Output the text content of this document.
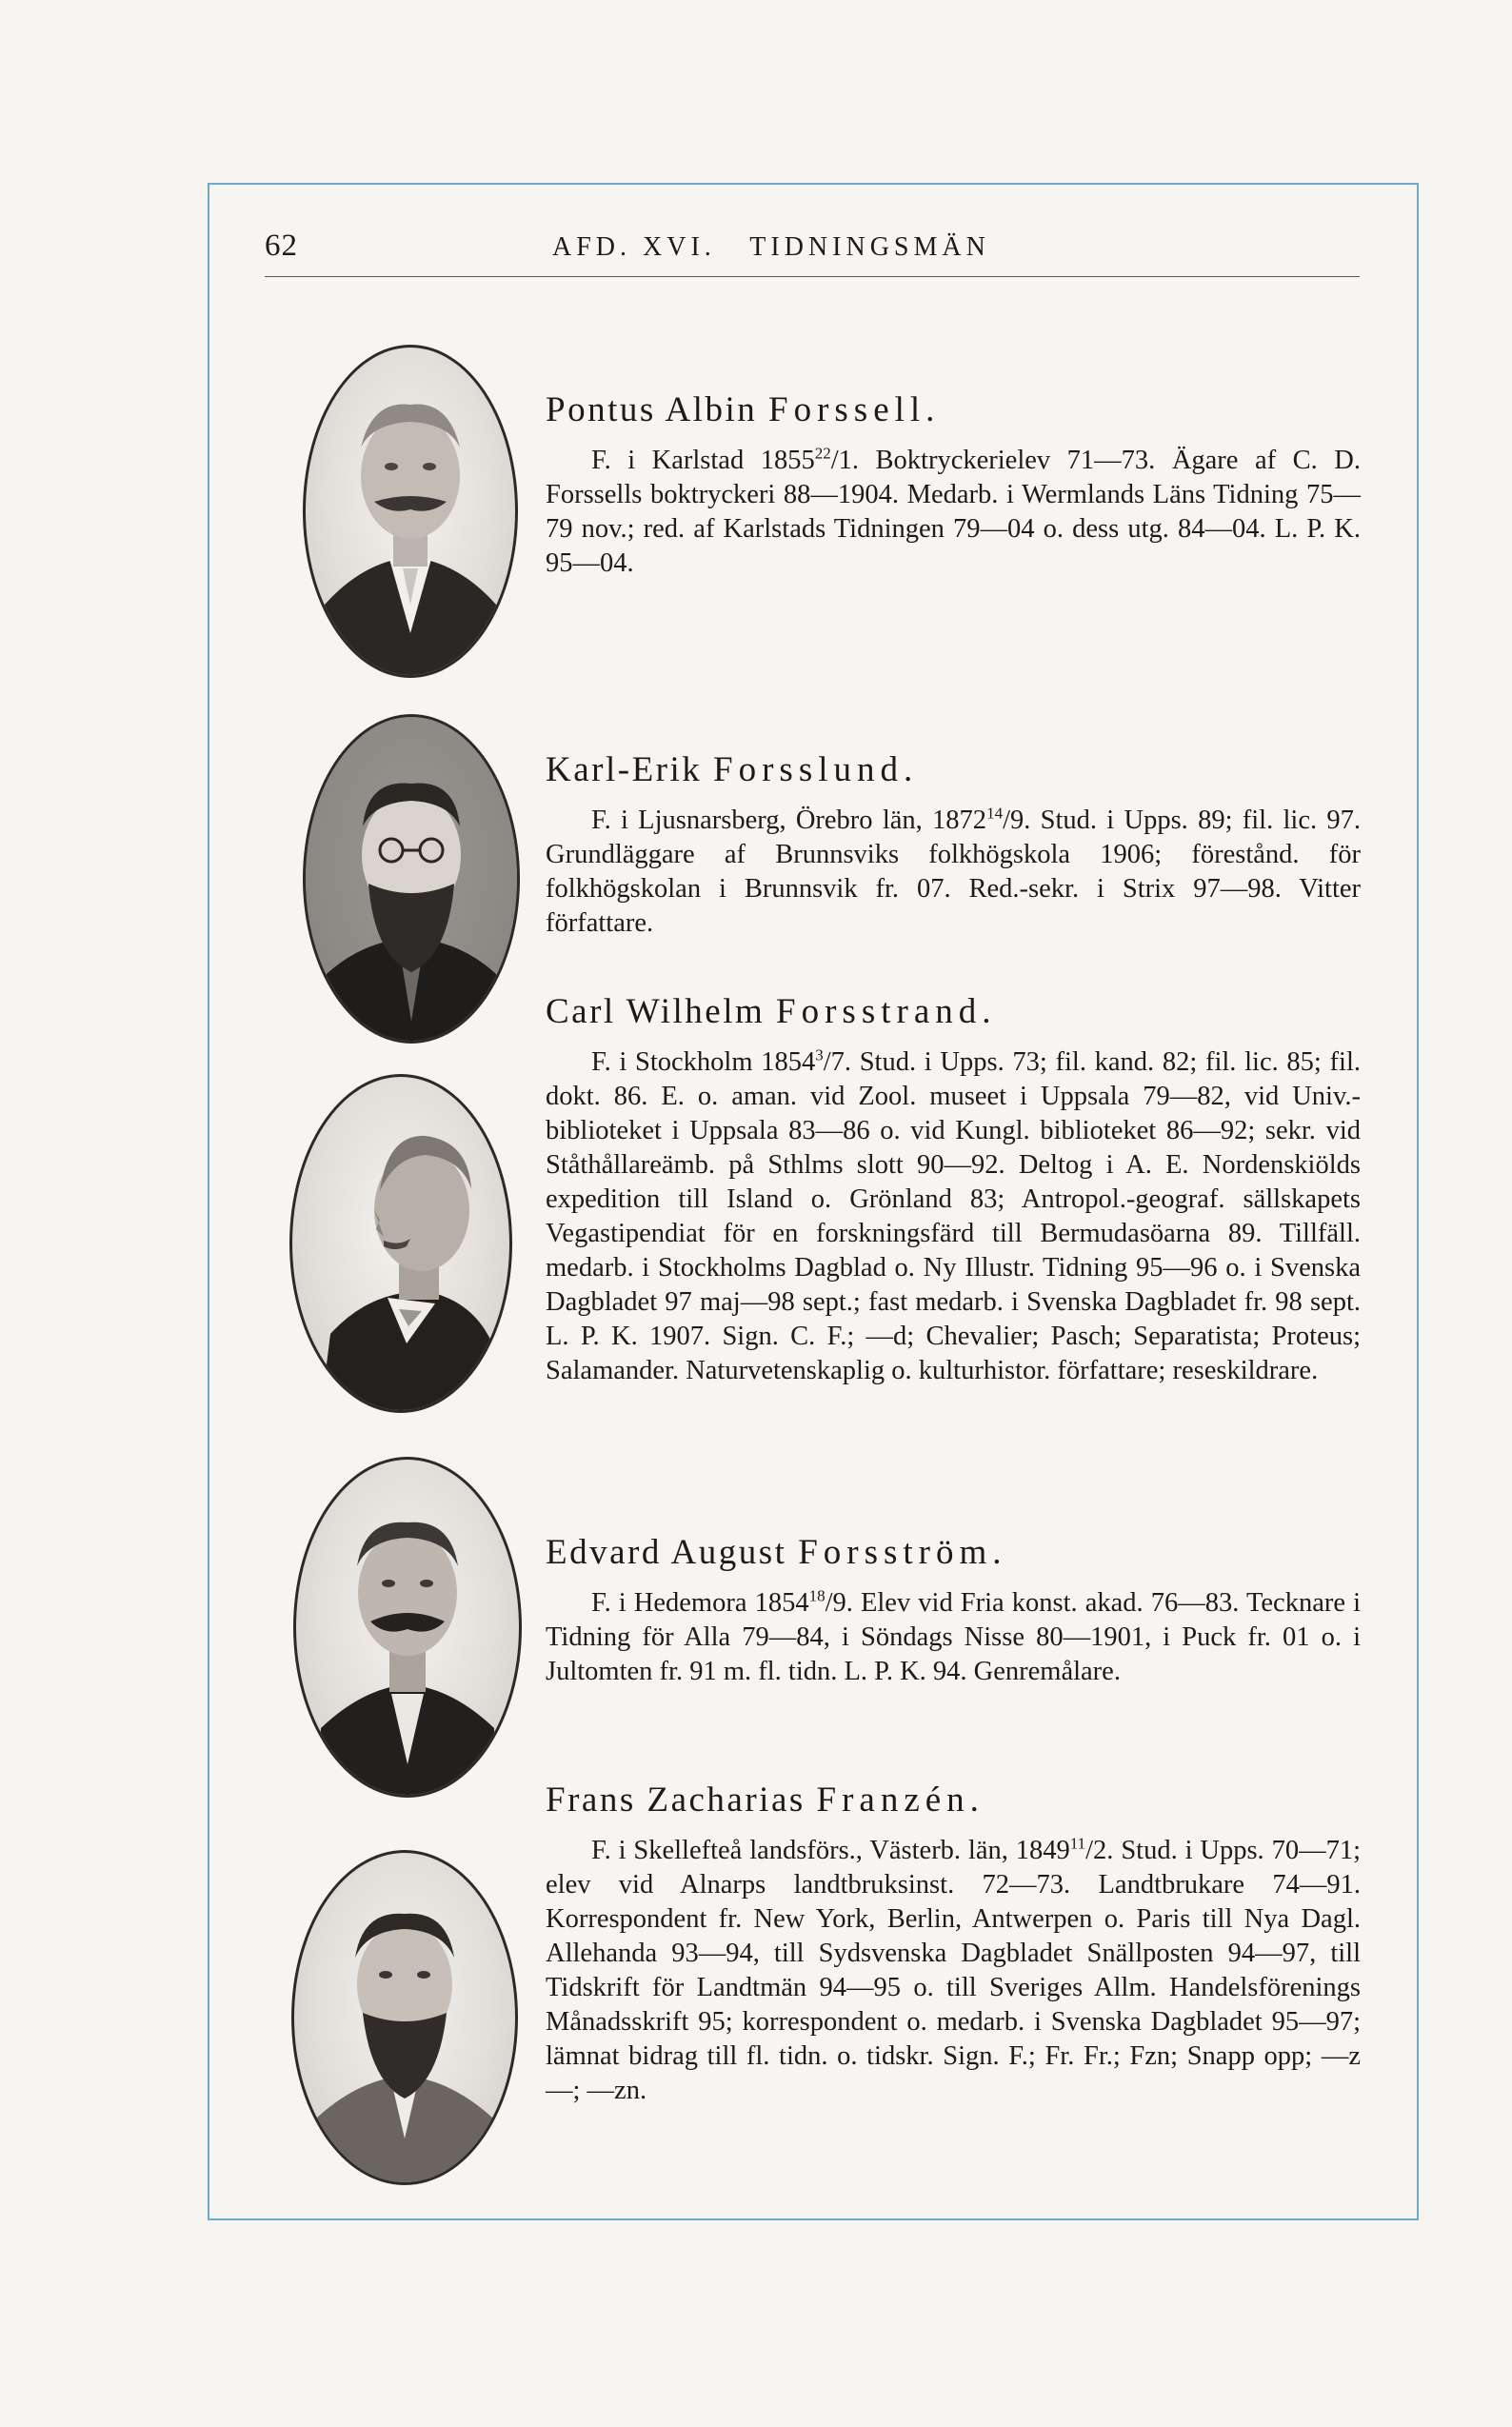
62	AFD. XVI.   TIDNINGSMÄN
Pontus Albin Forssell.
F. i Karlstad 1855$^{22}$/1. Boktryckerielev 71—73. Ägare af C. D. Forssells boktryckeri 88—1904. Medarb. i Wermlands Läns Tidning 75—79 nov.; red. af Karlstads Tidningen 79—04 o. dess utg. 84—04. L. P. K. 95—04.
Karl-Erik Forsslund.
F. i Ljusnarsberg, Örebro län, 1872$^{14}$/9. Stud. i Upps. 89; fil. lic. 97. Grundläggare af Brunnsviks folkhögskola 1906; förestånd. för folkhögskolan i Brunnsvik fr. 07. Red.-sekr. i Strix 97—98. Vitter författare.
Carl Wilhelm Forsstrand.
F. i Stockholm 1854$^3$/7. Stud. i Upps. 73; fil. kand. 82; fil. lic. 85; fil. dokt. 86. E. o. aman. vid Zool. museet i Uppsala 79—82, vid Univ.-biblioteket i Uppsala 83—86 o. vid Kungl. biblioteket 86—92; sekr. vid Ståthållareämb. på Sthlms slott 90—92. Deltog i A. E. Nordenskiölds expedition till Island o. Grönland 83; Antropol.-geograf. sällskapets Vegastipendiat för en forskningsfärd till Bermudasöarna 89. Tillfäll. medarb. i Stockholms Dagblad o. Ny Illustr. Tidning 95—96 o. i Svenska Dagbladet 97 maj—98 sept.; fast medarb. i Svenska Dagbladet fr. 98 sept. L. P. K. 1907. Sign. C. F.; —d; Chevalier; Pasch; Separatista; Proteus; Salamander. Naturvetenskaplig o. kulturhistor. författare; reseskildrare.
Edvard August Forsström.
F. i Hedemora 1854$^{18}$/9. Elev vid Fria konst. akad. 76—83. Tecknare i Tidning för Alla 79—84, i Söndags Nisse 80—1901, i Puck fr. 01 o. i Jultomten fr. 91 m. fl. tidn. L. P. K. 94. Genremålare.
Frans Zacharias Franzén.
F. i Skellefteå landsförs., Västerb. län, 1849$^{11}$/2. Stud. i Upps. 70—71; elev vid Alnarps landtbruksinst. 72—73. Landtbrukare 74—91. Korrespondent fr. New York, Berlin, Antwerpen o. Paris till Nya Dagl. Allehanda 93—94, till Sydsvenska Dagbladet Snällposten 94—97, till Tidskrift för Landtmän 94—95 o. till Sveriges Allm. Handelsförenings Månadsskrift 95; korrespondent o. medarb. i Svenska Dagbladet 95—97; lämnat bidrag till fl. tidn. o. tidskr. Sign. F.; Fr. Fr.; Fzn; Snapp opp; —z—; —zn.
